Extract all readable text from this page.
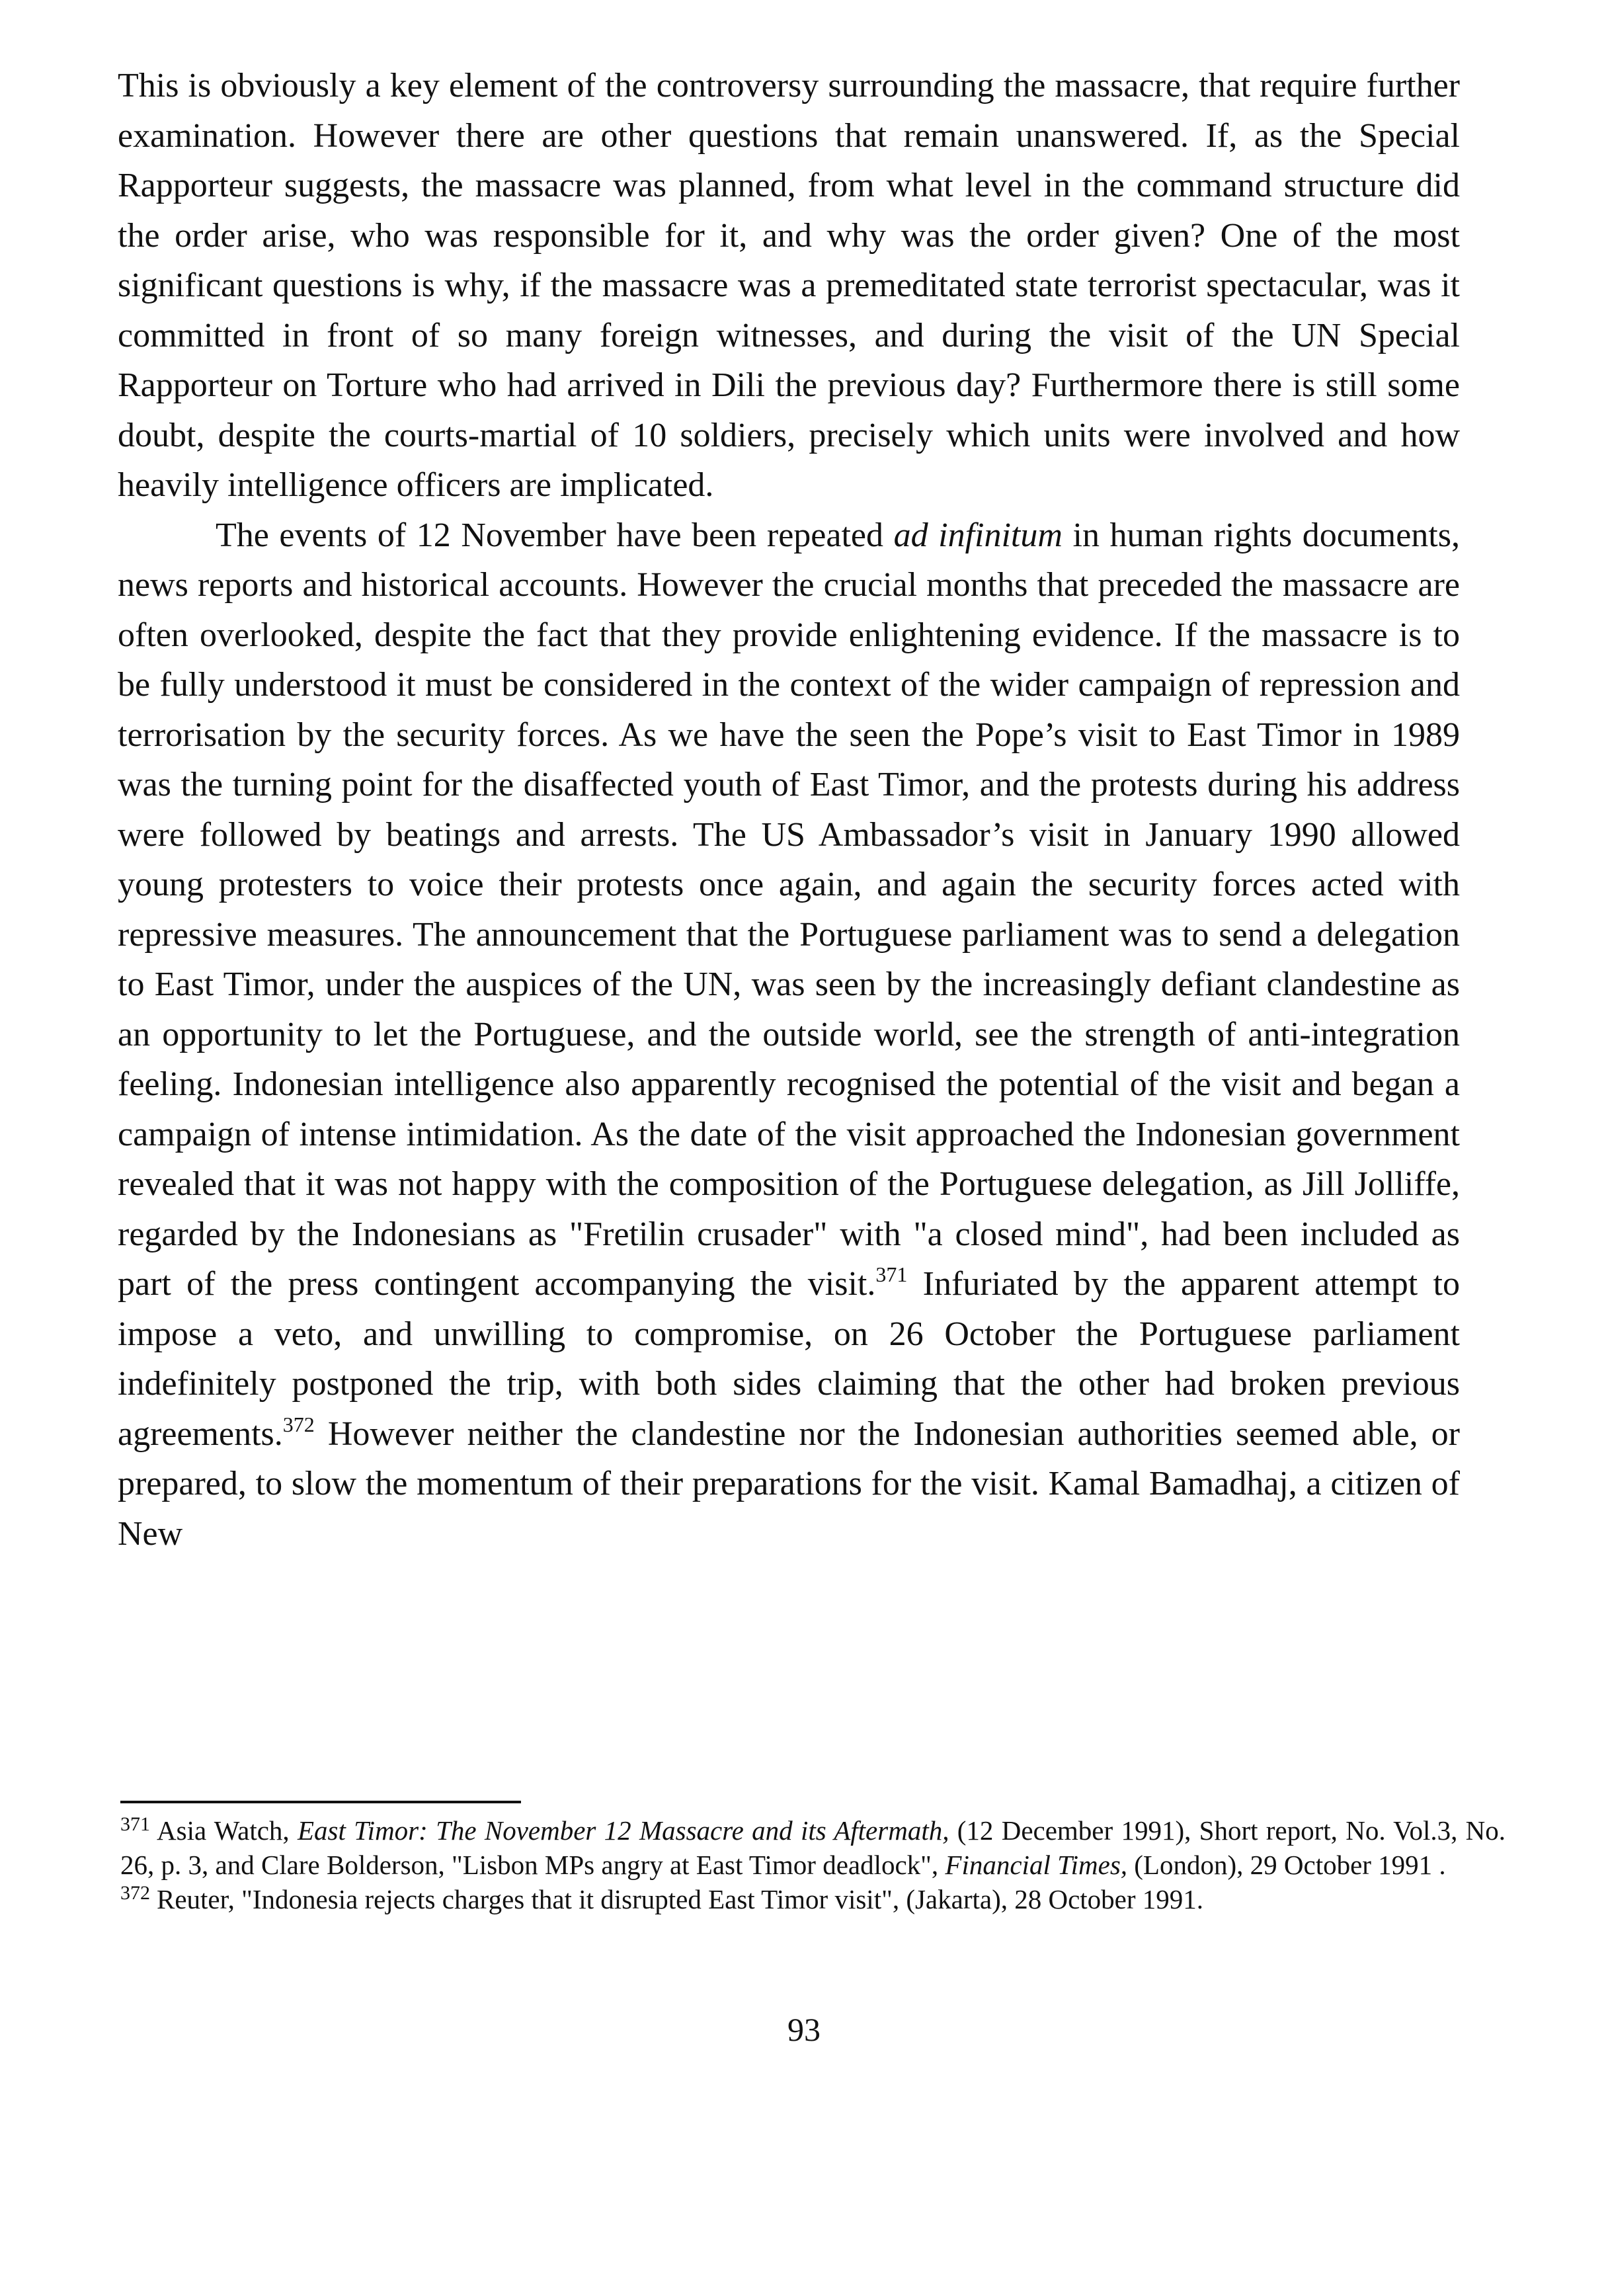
This is obviously a key element of the controversy surrounding the massacre, that require further examination. However there are other questions that remain unanswered. If, as the Special Rapporteur suggests, the massacre was planned, from what level in the command structure did the order arise, who was responsible for it, and why was the order given? One of the most significant questions is why, if the massacre was a premeditated state terrorist spectacular, was it committed in front of so many foreign witnesses, and during the visit of the UN Special Rapporteur on Torture who had arrived in Dili the previous day? Furthermore there is still some doubt, despite the courts-martial of 10 soldiers, precisely which units were involved and how heavily intelligence officers are implicated.

The events of 12 November have been repeated ad infinitum in human rights documents, news reports and historical accounts. However the crucial months that preceded the massacre are often overlooked, despite the fact that they provide enlightening evidence. If the massacre is to be fully understood it must be considered in the context of the wider campaign of repression and terrorisation by the security forces. As we have the seen the Pope’s visit to East Timor in 1989 was the turning point for the disaffected youth of East Timor, and the protests during his address were followed by beatings and arrests. The US Ambassador’s visit in January 1990 allowed young protesters to voice their protests once again, and again the security forces acted with repressive measures. The announcement that the Portuguese parliament was to send a delegation to East Timor, under the auspices of the UN, was seen by the increasingly defiant clandestine as an opportunity to let the Portuguese, and the outside world, see the strength of anti-integration feeling. Indonesian intelligence also apparently recognised the potential of the visit and began a campaign of intense intimidation. As the date of the visit approached the Indonesian government revealed that it was not happy with the composition of the Portuguese delegation, as Jill Jolliffe, regarded by the Indonesians as "Fretilin crusader" with "a closed mind", had been included as part of the press contingent accompanying the visit.$^{371}$ Infuriated by the apparent attempt to impose a veto, and unwilling to compromise, on 26 October the Portuguese parliament indefinitely postponed the trip, with both sides claiming that the other had broken previous agreements.$^{372}$ However neither the clandestine nor the Indonesian authorities seemed able, or prepared, to slow the momentum of their preparations for the visit. Kamal Bamadhaj, a citizen of New

$^{371}$ Asia Watch, East Timor: The November 12 Massacre and its Aftermath, (12 December 1991), Short report, No. Vol.3, No. 26, p. 3, and Clare Bolderson, "Lisbon MPs angry at East Timor deadlock", Financial Times, (London), 29 October 1991 .

$^{372}$ Reuter, "Indonesia rejects charges that it disrupted East Timor visit", (Jakarta), 28 October 1991.

93
